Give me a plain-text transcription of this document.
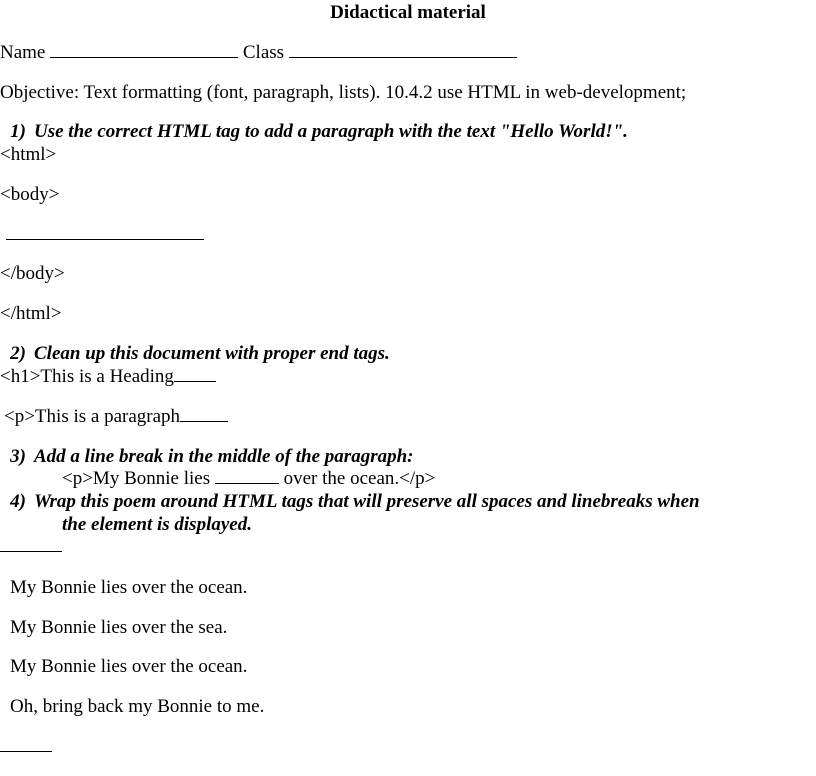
Didactical material
Name	Class
Objective: Text formatting (font, paragraph, lists). 10.4.2 use HTML in web-development;
1) Use the correct HTML tag to add a paragraph with the text "Hello World!".
<html>
<body>
</body>
</html>
2) Clean up this document with proper end tags.
<h1>This is a Heading
<p>This is a paragraph
3) Add a line break in the middle of the paragraph:
<p>My Bonnie lies	over the ocean.</p>
4) Wrap this poem around HTML tags that will preserve all spaces and linebreaks when
the element is displayed.
My Bonnie lies over the ocean.
My Bonnie lies over the sea.
My Bonnie lies over the ocean.
Oh, bring back my Bonnie to me.
